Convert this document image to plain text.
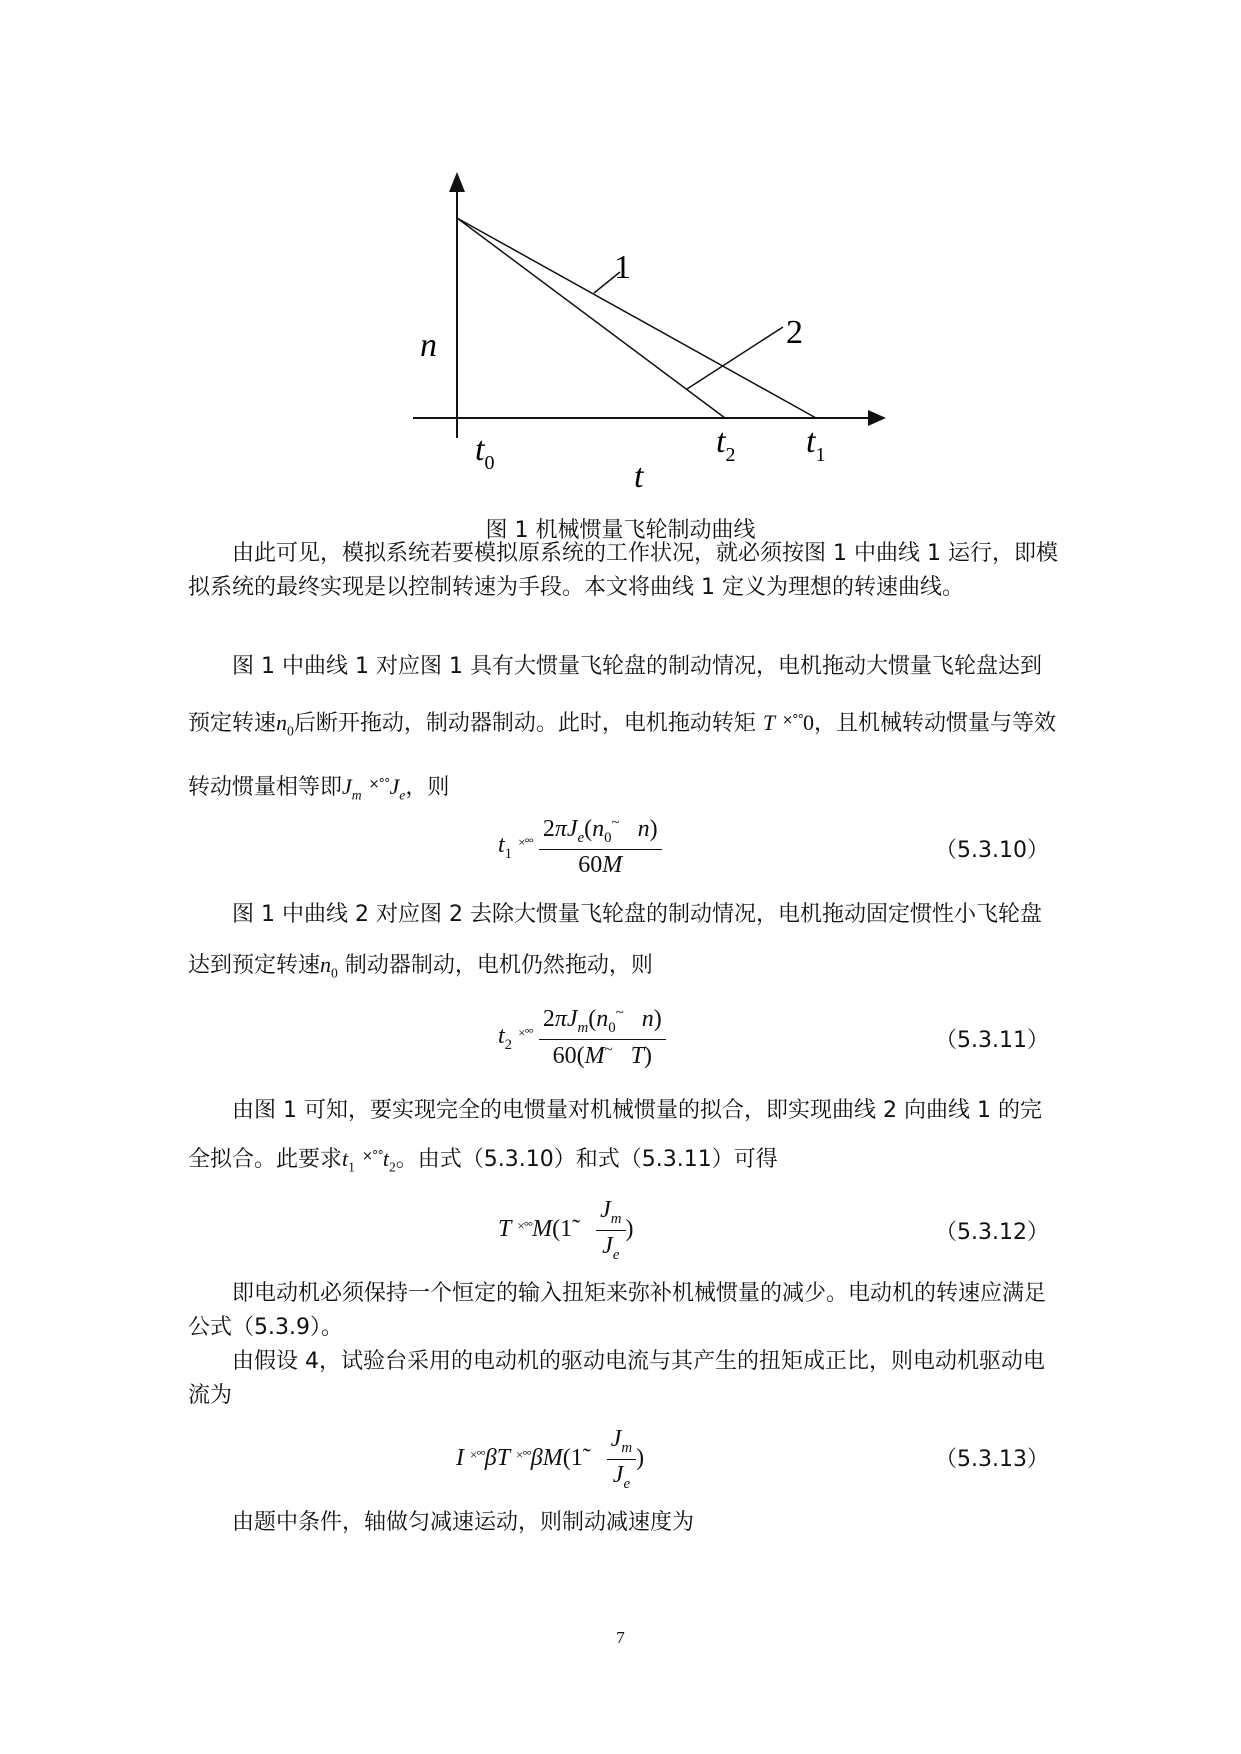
1
2
n
t
$t_0$
$t_2$ $t_1$
图 1 机械惯量飞轮制动曲线
由此可见，模拟系统若要模拟原系统的工作状况，就必须按图 1 中曲线 1 运行，即模拟系统的最终实现是以控制转速为手段。本文将曲线 1 定义为理想的转速曲线。
图 1 中曲线 1 对应图 1 具有大惯量飞轮盘的制动情况，电机拖动大惯量飞轮盘达到预定转速$n_0$后断开拖动，制动器制动。此时，电机拖动转矩 T ×°°0，且机械转动惯量与等效转动惯量相等即$J_m$ $^{\times^\circ^\circ}J_e$，则
$t_1$ $^{\times^\circ^\circ} \frac{2\pi J_e(n_0^\sim n)}{60M}$	（5.3.10）
图 1 中曲线 2 对应图 2 去除大惯量飞轮盘的制动情况，电机拖动固定惯性小飞轮盘达到预定转速$n_0$ 制动器制动，电机仍然拖动，则
$t_2$ $^{\times^\circ^\circ} \frac{2\pi J_m(n_0^\sim n)}{60(M^\sim T)}$	（5.3.11）
由图 1 可知，要实现完全的电惯量对机械惯量的拟合，即实现曲线 2 向曲线 1 的完全拟合。此要求$t_1$ $^{\times^\circ^\circ}t_2$。由式（5.3.10）和式（5.3.11）可得
T ×°°M(1̃ $\frac{J_m}{J_e}$ )	（5.3.12）
即电动机必须保持一个恒定的输入扭矩来弥补机械惯量的减少。电动机的转速应满足公式（5.3.9）。
由假设 4，试验台采用的电动机的驱动电流与其产生的扭矩成正比，则电动机驱动电流为
I ×°°βT ×°°βM(1̃ $\frac{J_m}{J_e}$ )	（5.3.13）
由题中条件，轴做匀减速运动，则制动减速度为
7
